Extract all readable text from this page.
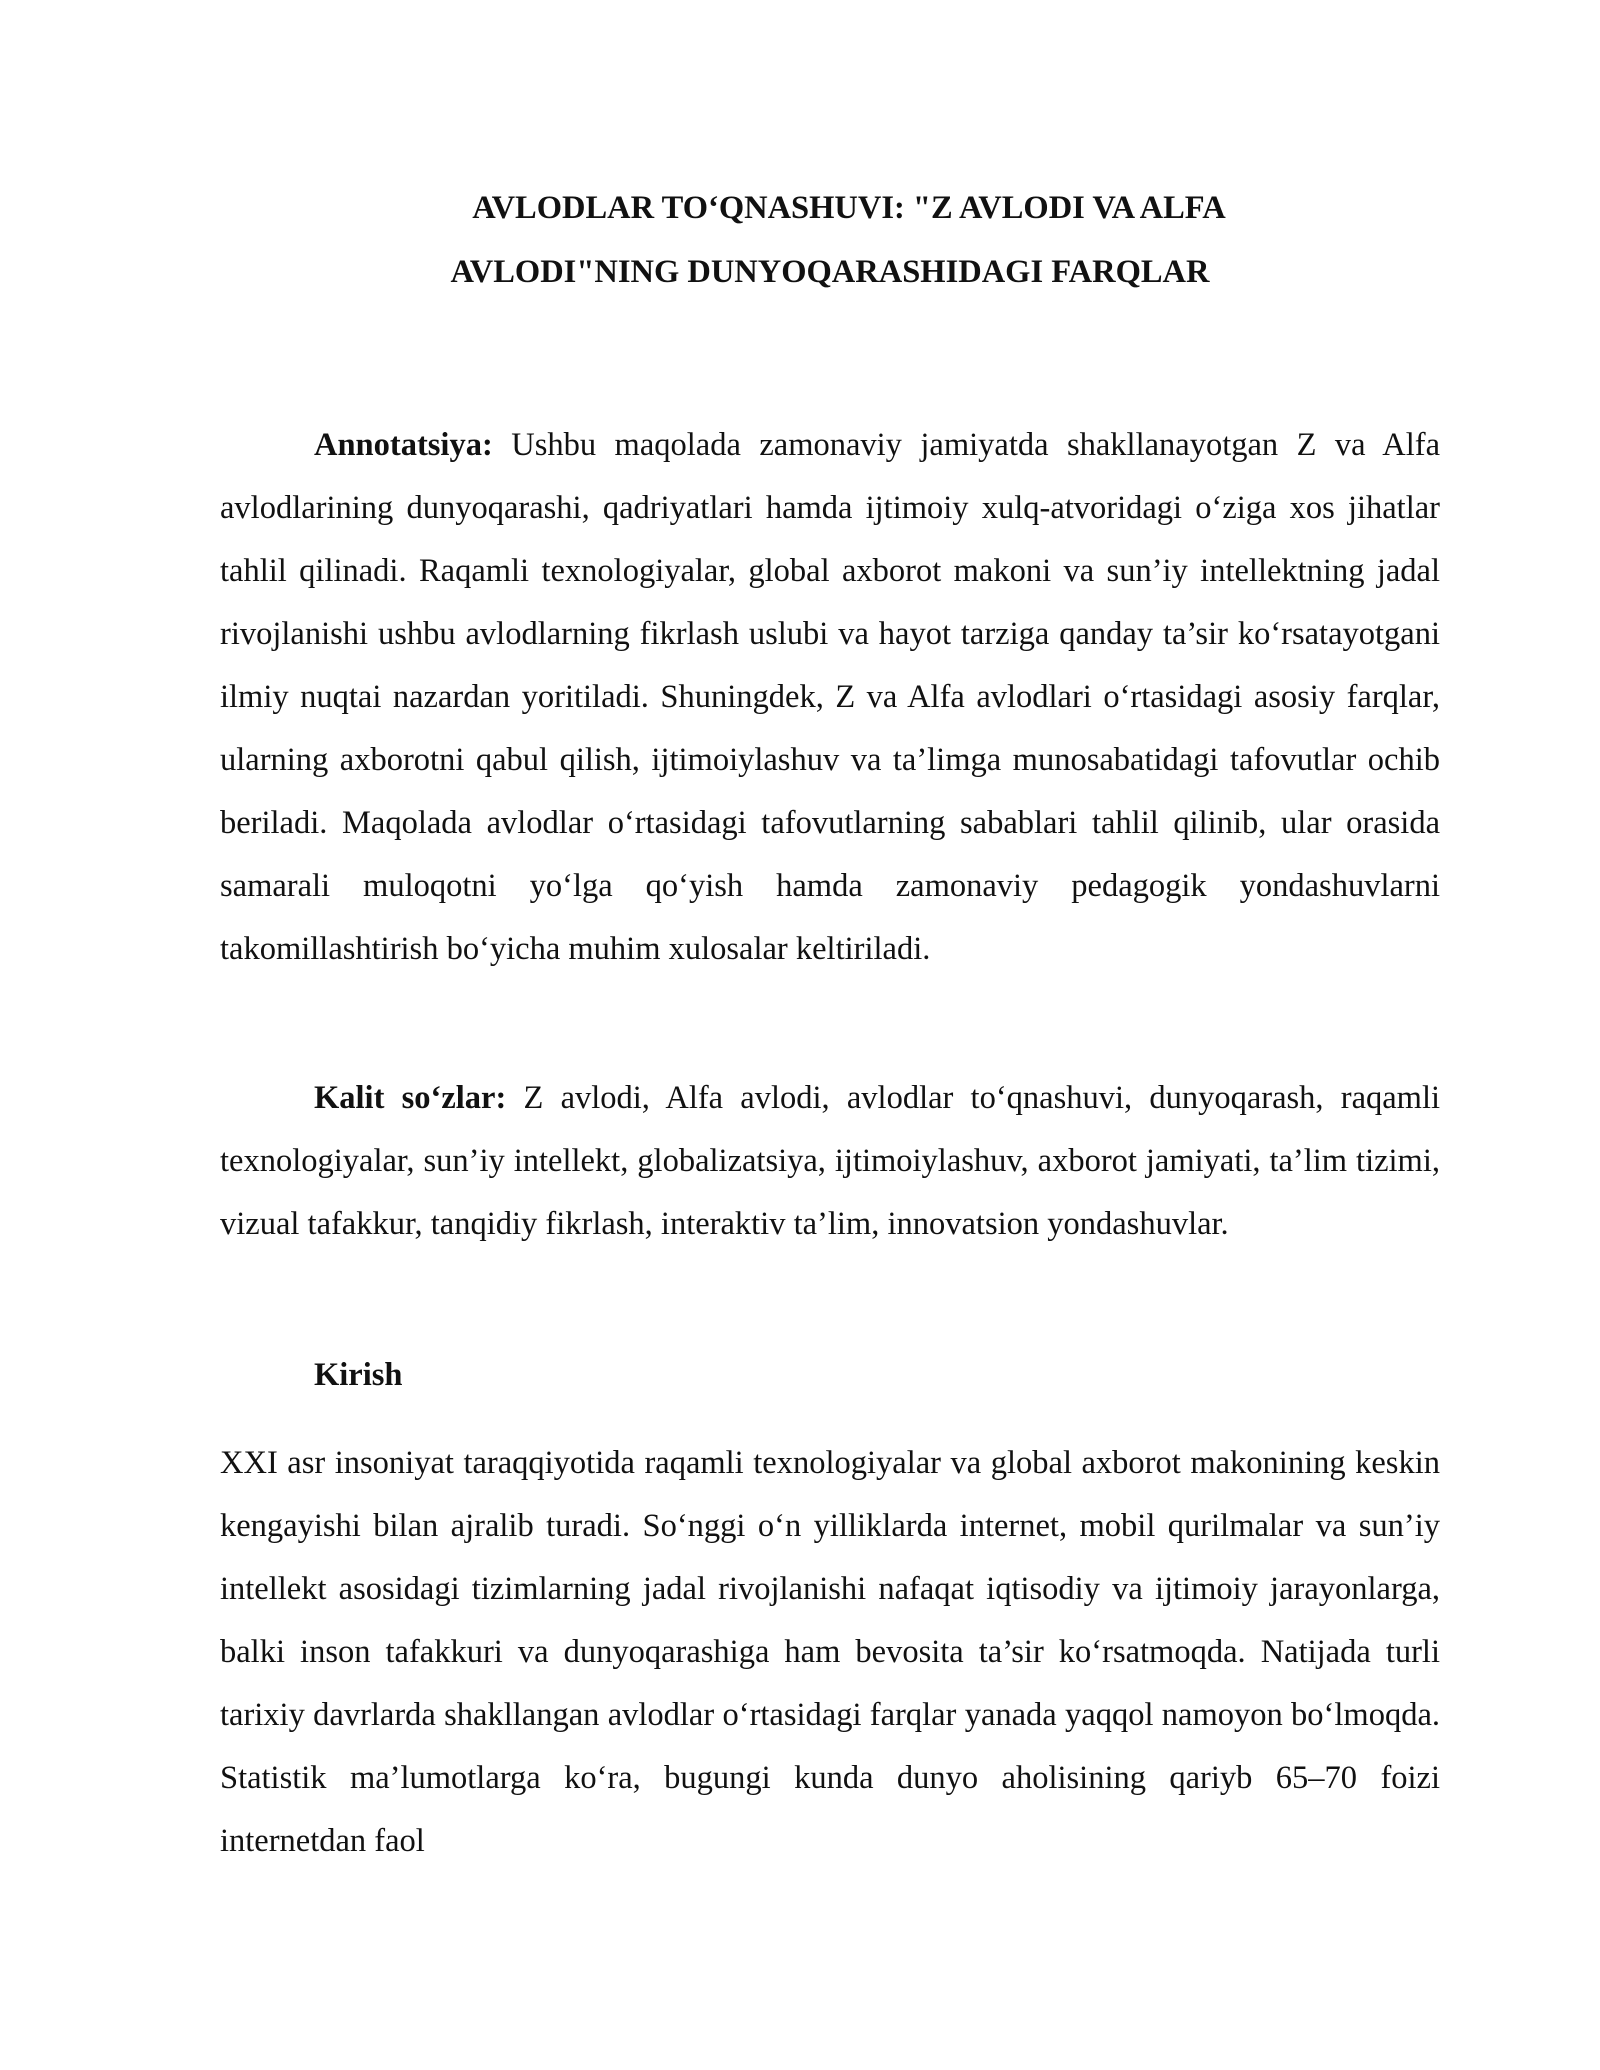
AVLODLAR TO‘QNASHUVI: "Z AVLODI VA ALFA
AVLODI"NING DUNYOQARASHIDAGI FARQLAR

Annotatsiya: Ushbu maqolada zamonaviy jamiyatda shakllanayotgan Z va Alfa avlodlarining dunyoqarashi, qadriyatlari hamda ijtimoiy xulq-atvoridagi o‘ziga xos jihatlar tahlil qilinadi. Raqamli texnologiyalar, global axborot makoni va sun’iy intellektning jadal rivojlanishi ushbu avlodlarning fikrlash uslubi va hayot tarziga qanday ta’sir ko‘rsatayotgani ilmiy nuqtai nazardan yoritiladi. Shuningdek, Z va Alfa avlodlari o‘rtasidagi asosiy farqlar, ularning axborotni qabul qilish, ijtimoiylashuv va ta’limga munosabatidagi tafovutlar ochib beriladi. Maqolada avlodlar o‘rtasidagi tafovutlarning sabablari tahlil qilinib, ular orasida samarali muloqotni yo‘lga qo‘yish hamda zamonaviy pedagogik yondashuvlarni takomillashtirish bo‘yicha muhim xulosalar keltiriladi.

Kalit so‘zlar: Z avlodi, Alfa avlodi, avlodlar to‘qnashuvi, dunyoqarash, raqamli texnologiyalar, sun’iy intellekt, globalizatsiya, ijtimoiylashuv, axborot jamiyati, ta’lim tizimi, vizual tafakkur, tanqidiy fikrlash, interaktiv ta’lim, innovatsion yondashuvlar.

Kirish

XXI asr insoniyat taraqqiyotida raqamli texnologiyalar va global axborot makonining keskin kengayishi bilan ajralib turadi. So‘nggi o‘n yilliklarda internet, mobil qurilmalar va sun’iy intellekt asosidagi tizimlarning jadal rivojlanishi nafaqat iqtisodiy va ijtimoiy jarayonlarga, balki inson tafakkuri va dunyoqarashiga ham bevosita ta’sir ko‘rsatmoqda. Natijada turli tarixiy davrlarda shakllangan avlodlar o‘rtasidagi farqlar yanada yaqqol namoyon bo‘lmoqda. Statistik ma’lumotlarga ko‘ra, bugungi kunda dunyo aholisining qariyb 65–70 foizi internetdan faol
